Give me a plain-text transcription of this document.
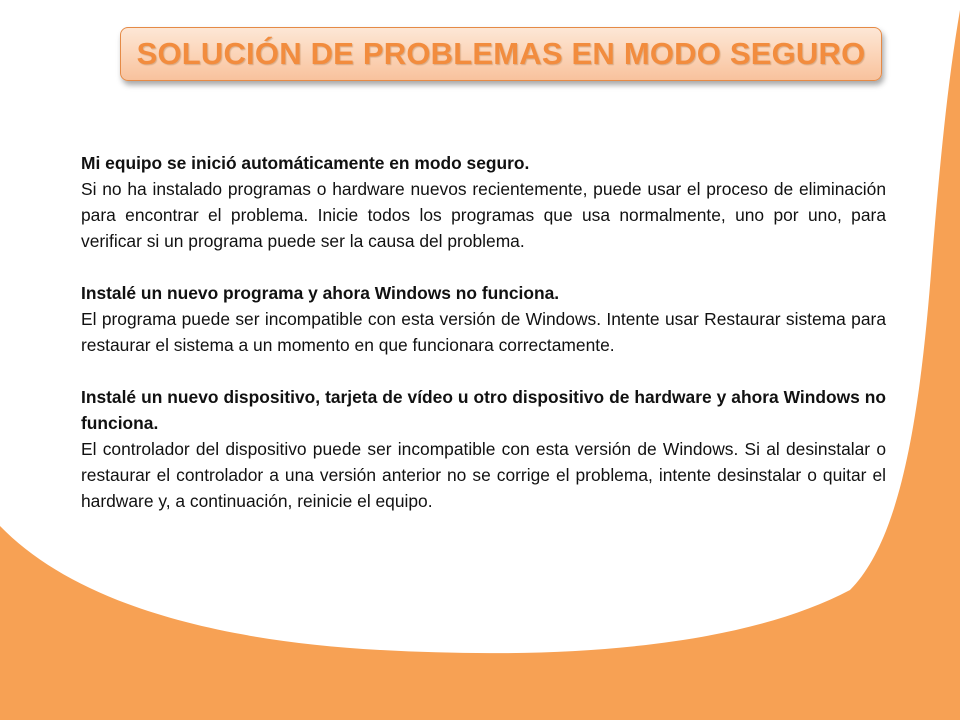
SOLUCIÓN DE PROBLEMAS EN MODO SEGURO

Mi equipo se inició automáticamente en modo seguro.

Si no ha instalado programas o hardware nuevos recientemente, puede usar el proceso de eliminación para encontrar el problema. Inicie todos los programas que usa normalmente, uno por uno, para verificar si un programa puede ser la causa del problema.

Instalé un nuevo programa y ahora Windows no funciona.

El programa puede ser incompatible con esta versión de Windows. Intente usar Restaurar sistema para restaurar el sistema a un momento en que funcionara correctamente.

Instalé un nuevo dispositivo, tarjeta de vídeo u otro dispositivo de hardware y ahora Windows no funciona.

El controlador del dispositivo puede ser incompatible con esta versión de Windows. Si al desinstalar o restaurar el controlador a una versión anterior no se corrige el problema, intente desinstalar o quitar el hardware y, a continuación, reinicie el equipo.
